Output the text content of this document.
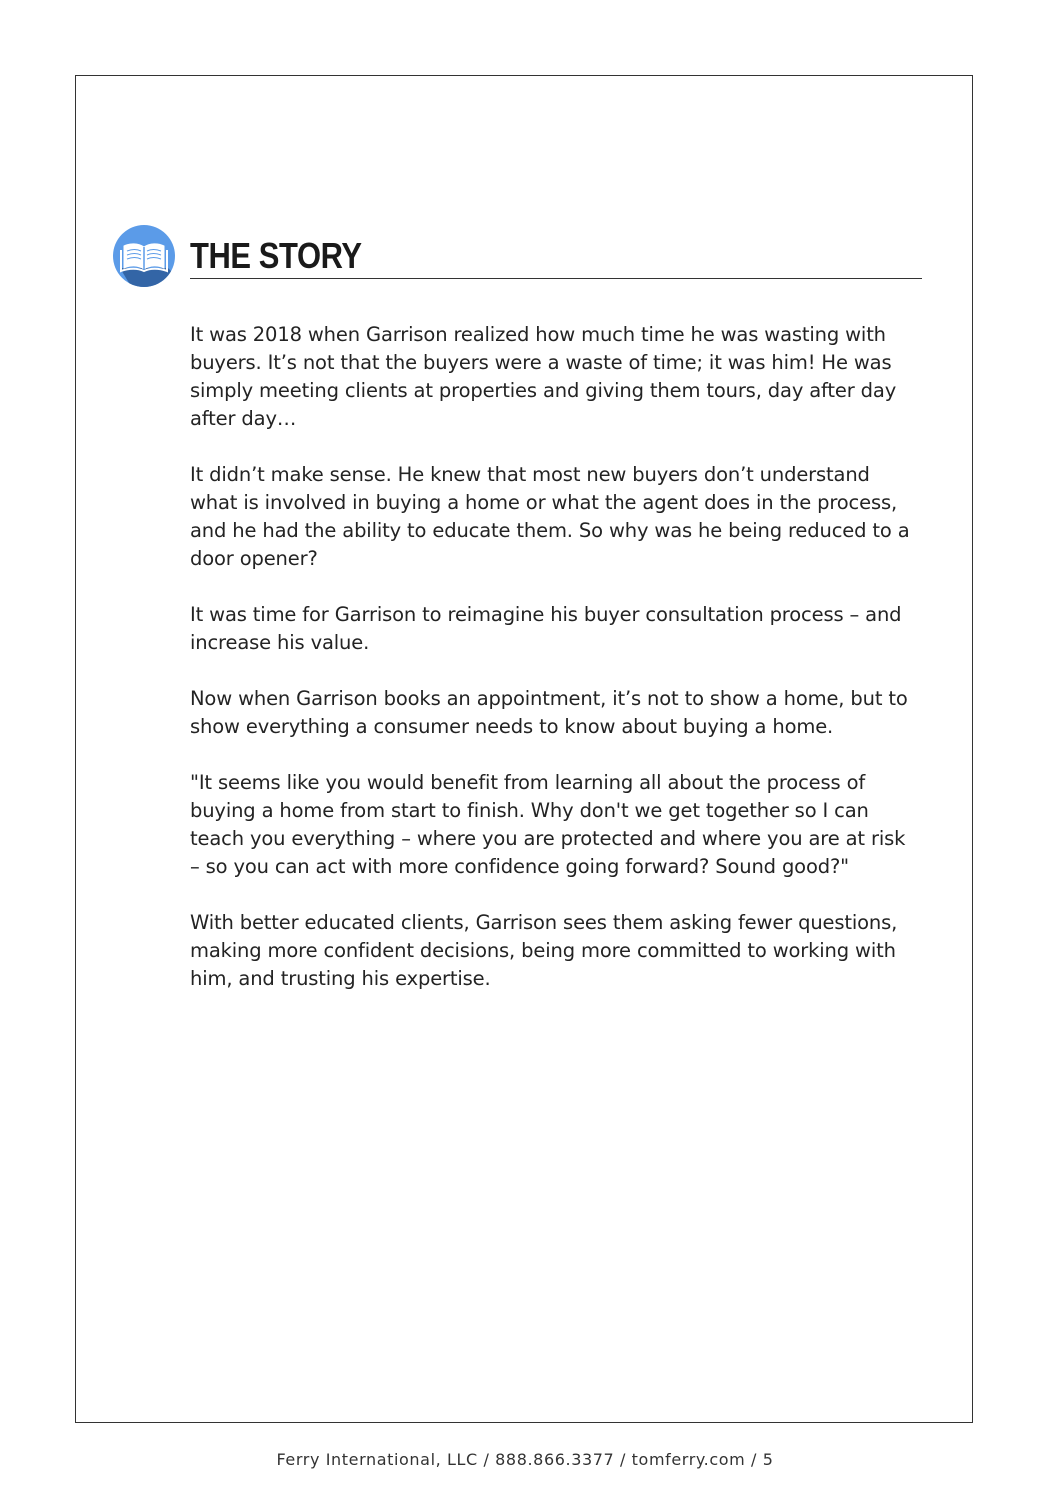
THE STORY

It was 2018 when Garrison realized how much time he was wasting with buyers. It’s not that the buyers were a waste of time; it was him! He was simply meeting clients at properties and giving them tours, day after day after day…

It didn’t make sense. He knew that most new buyers don’t understand what is involved in buying a home or what the agent does in the process, and he had the ability to educate them. So why was he being reduced to a door opener?

It was time for Garrison to reimagine his buyer consultation process – and increase his value.

Now when Garrison books an appointment, it’s not to show a home, but to show everything a consumer needs to know about buying a home.

"It seems like you would benefit from learning all about the process of buying a home from start to finish. Why don't we get together so I can teach you everything – where you are protected and where you are at risk – so you can act with more confidence going forward? Sound good?"

With better educated clients, Garrison sees them asking fewer questions, making more confident decisions, being more committed to working with him, and trusting his expertise.

Ferry International, LLC / 888.866.3377 / tomferry.com / 5
